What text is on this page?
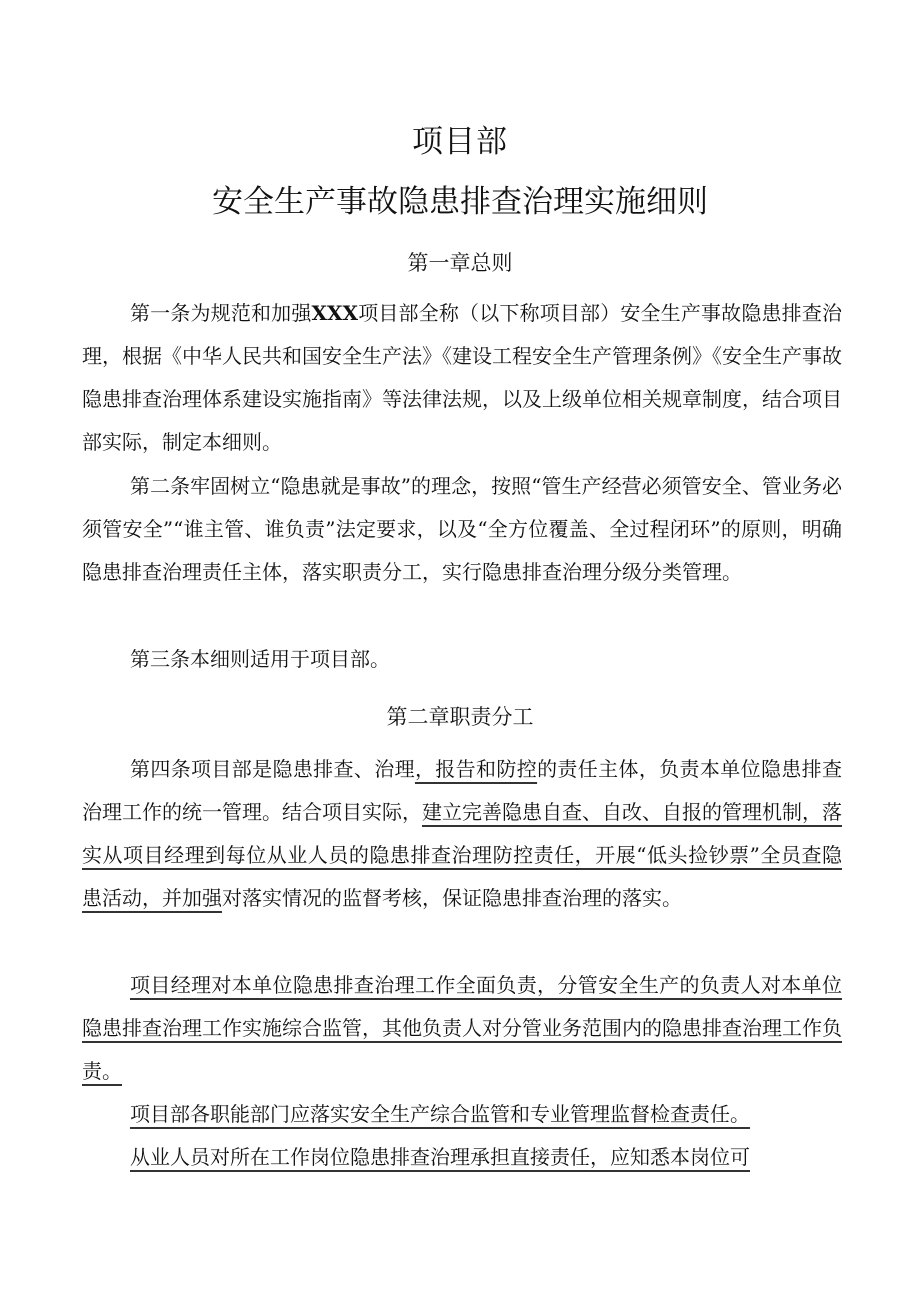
项目部
安全生产事故隐患排查治理实施细则
第一章总则

第一条为规范和加强XXX项目部全称（以下称项目部）安全生产事故隐患排查治理，根据《中华人民共和国安全生产法》《建设工程安全生产管理条例》《安全生产事故隐患排查治理体系建设实施指南》等法律法规，以及上级单位相关规章制度，结合项目部实际，制定本细则。

第二条牢固树立“隐患就是事故”的理念，按照“管生产经营必须管安全、管业务必须管安全”“谁主管、谁负责”法定要求，以及“全方位覆盖、全过程闭环”的原则，明确隐患排查治理责任主体，落实职责分工，实行隐患排查治理分级分类管理。

第三条本细则适用于项目部。

第二章职责分工

第四条项目部是隐患排查、治理，报告和防控的责任主体，负责本单位隐患排查治理工作的统一管理。结合项目实际，建立完善隐患自查、自改、自报的管理机制，落实从项目经理到每位从业人员的隐患排查治理防控责任，开展“低头捡钞票”全员查隐患活动，并加强对落实情况的监督考核，保证隐患排查治理的落实。

项目经理对本单位隐患排查治理工作全面负责，分管安全生产的负责人对本单位隐患排查治理工作实施综合监管，其他负责人对分管业务范围内的隐患排查治理工作负责。

项目部各职能部门应落实安全生产综合监管和专业管理监督检查责任。

从业人员对所在工作岗位隐患排查治理承担直接责任，应知悉本岗位可
